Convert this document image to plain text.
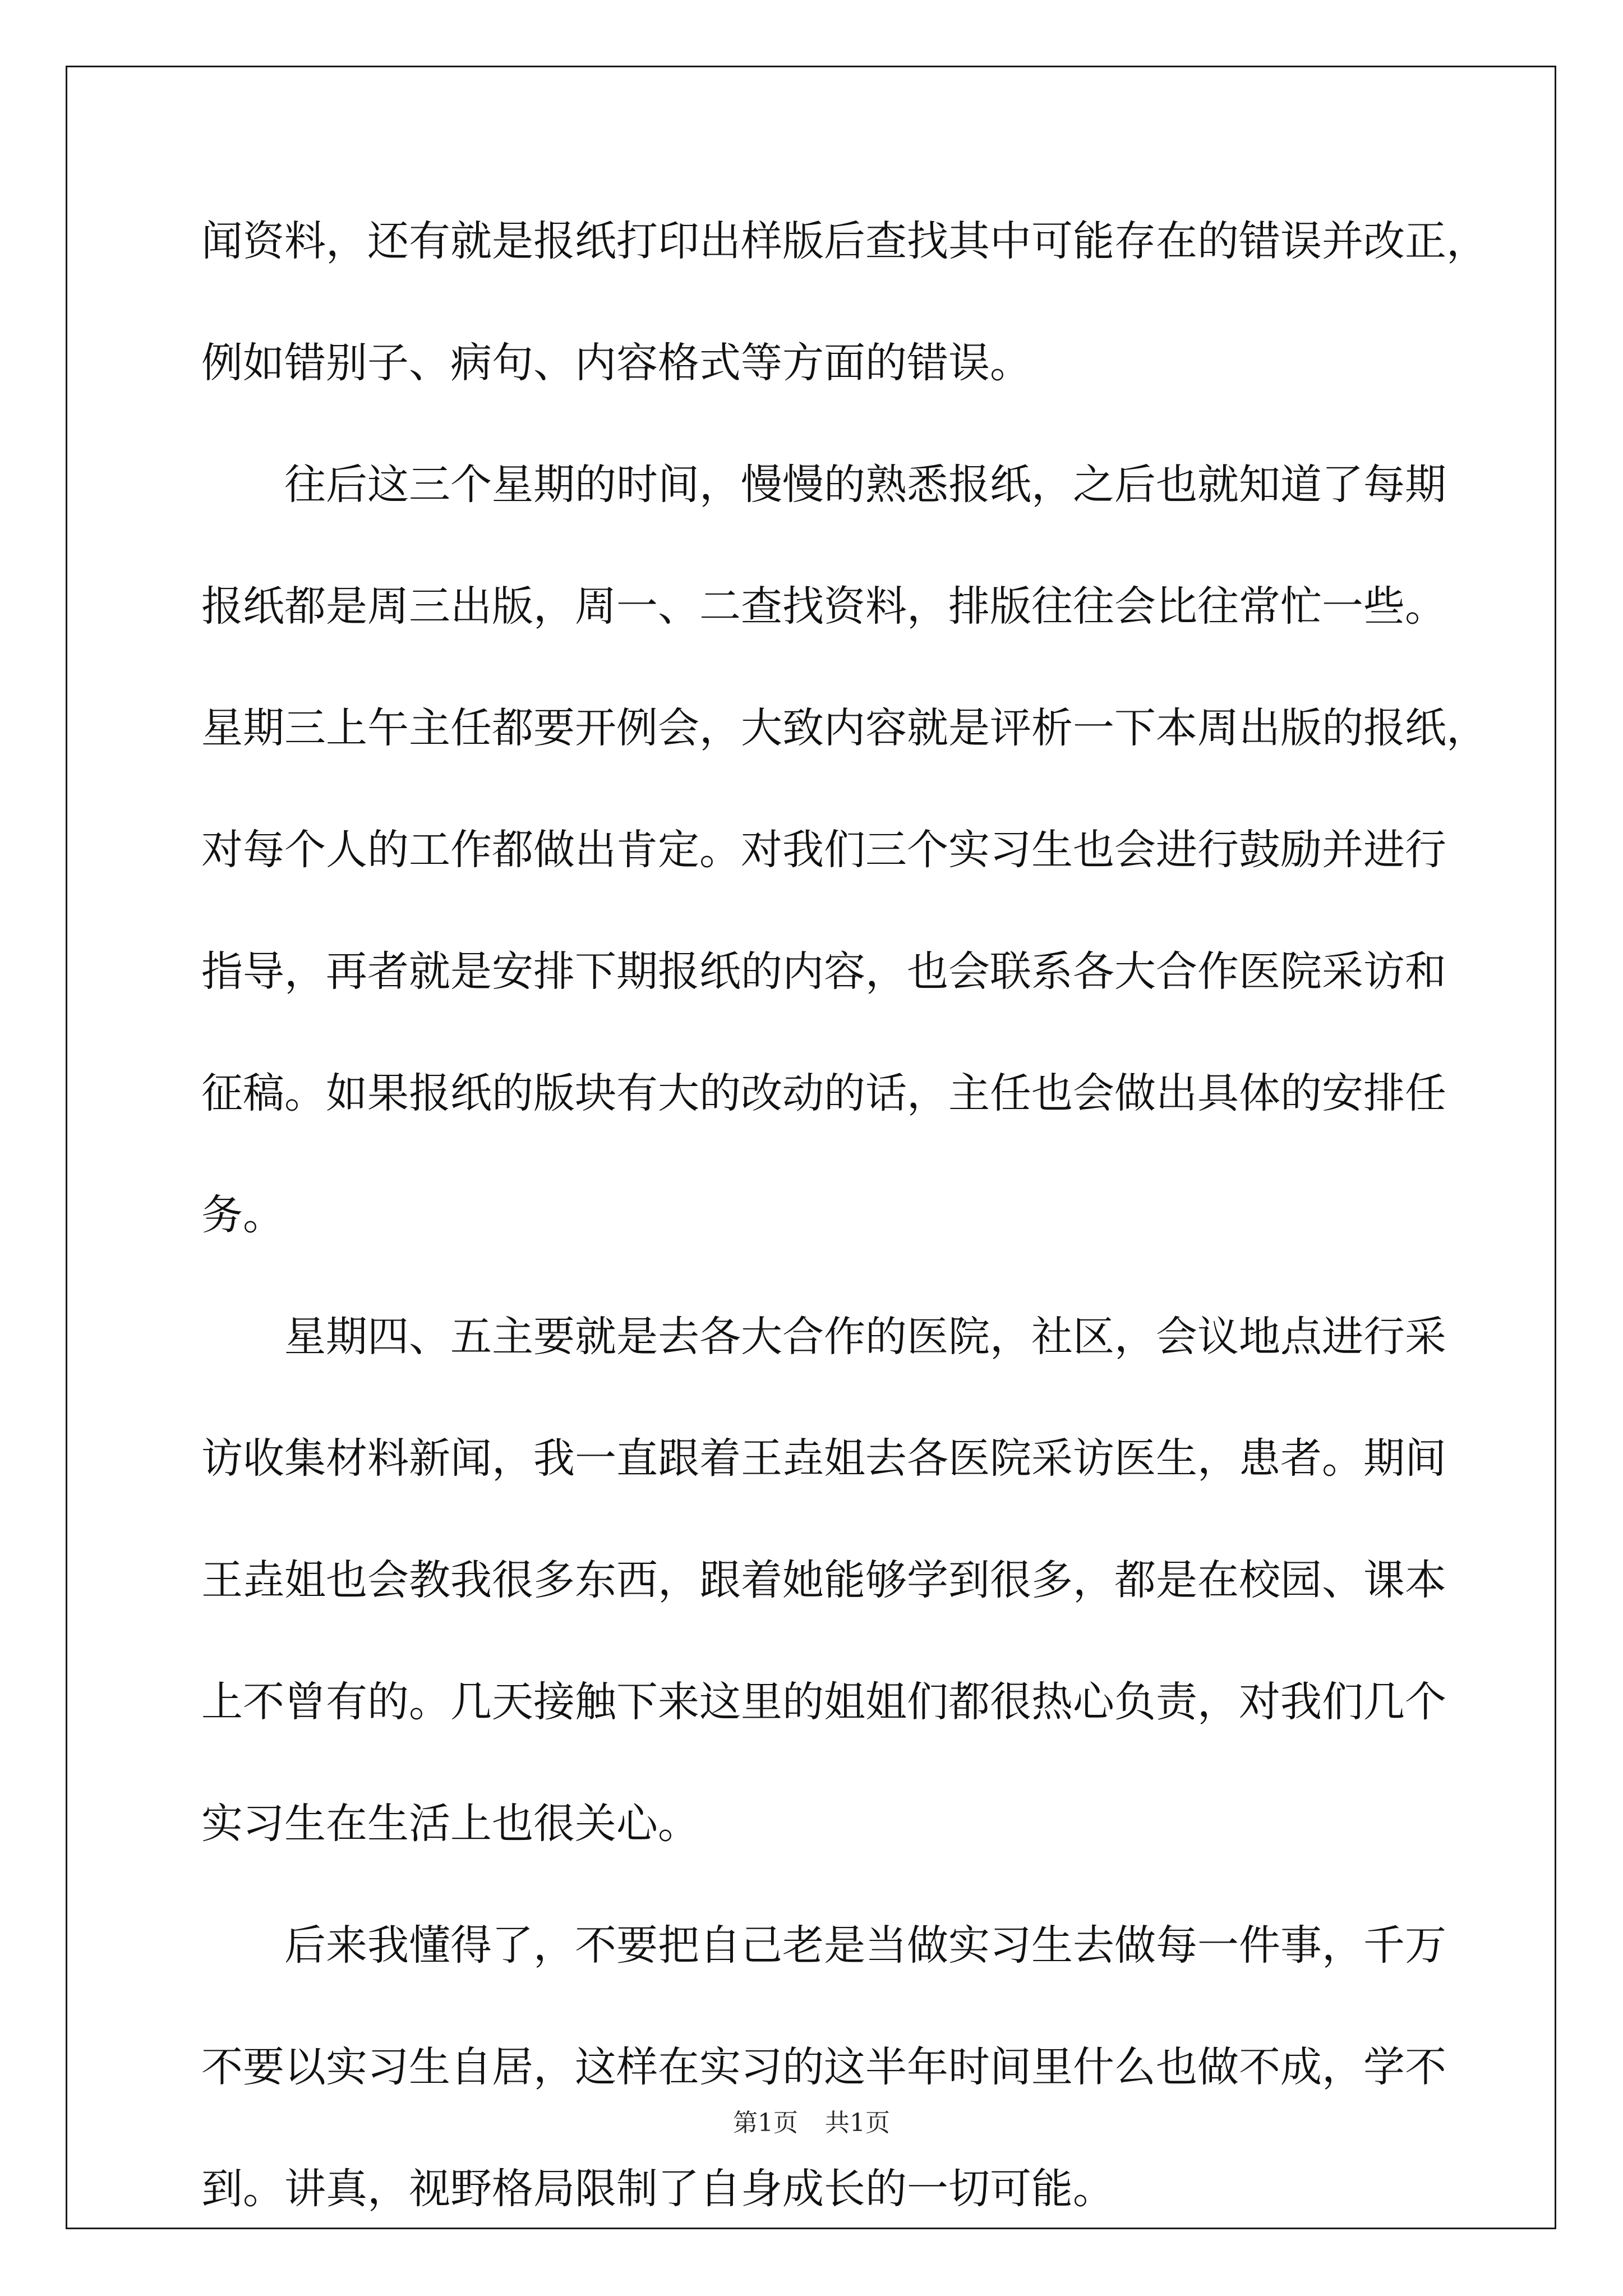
闻资料，还有就是报纸打印出样版后查找其中可能存在的错误并改正，
例如错别子、病句、内容格式等方面的错误。
往后这三个星期的时间，慢慢的熟悉报纸，之后也就知道了每期
报纸都是周三出版，周一、二查找资料，排版往往会比往常忙一些。
星期三上午主任都要开例会，大致内容就是评析一下本周出版的报纸，
对每个人的工作都做出肯定。对我们三个实习生也会进行鼓励并进行
指导，再者就是安排下期报纸的内容，也会联系各大合作医院采访和
征稿。如果报纸的版块有大的改动的话，主任也会做出具体的安排任
务。
星期四、五主要就是去各大合作的医院，社区，会议地点进行采
访收集材料新闻，我一直跟着王垚姐去各医院采访医生，患者。期间
王垚姐也会教我很多东西，跟着她能够学到很多，都是在校园、课本
上不曾有的。几天接触下来这里的姐姐们都很热心负责，对我们几个
实习生在生活上也很关心。
后来我懂得了，不要把自己老是当做实习生去做每一件事，千万
不要以实习生自居，这样在实习的这半年时间里什么也做不成，学不
到。讲真，视野格局限制了自身成长的一切可能。
第1页 共1页
